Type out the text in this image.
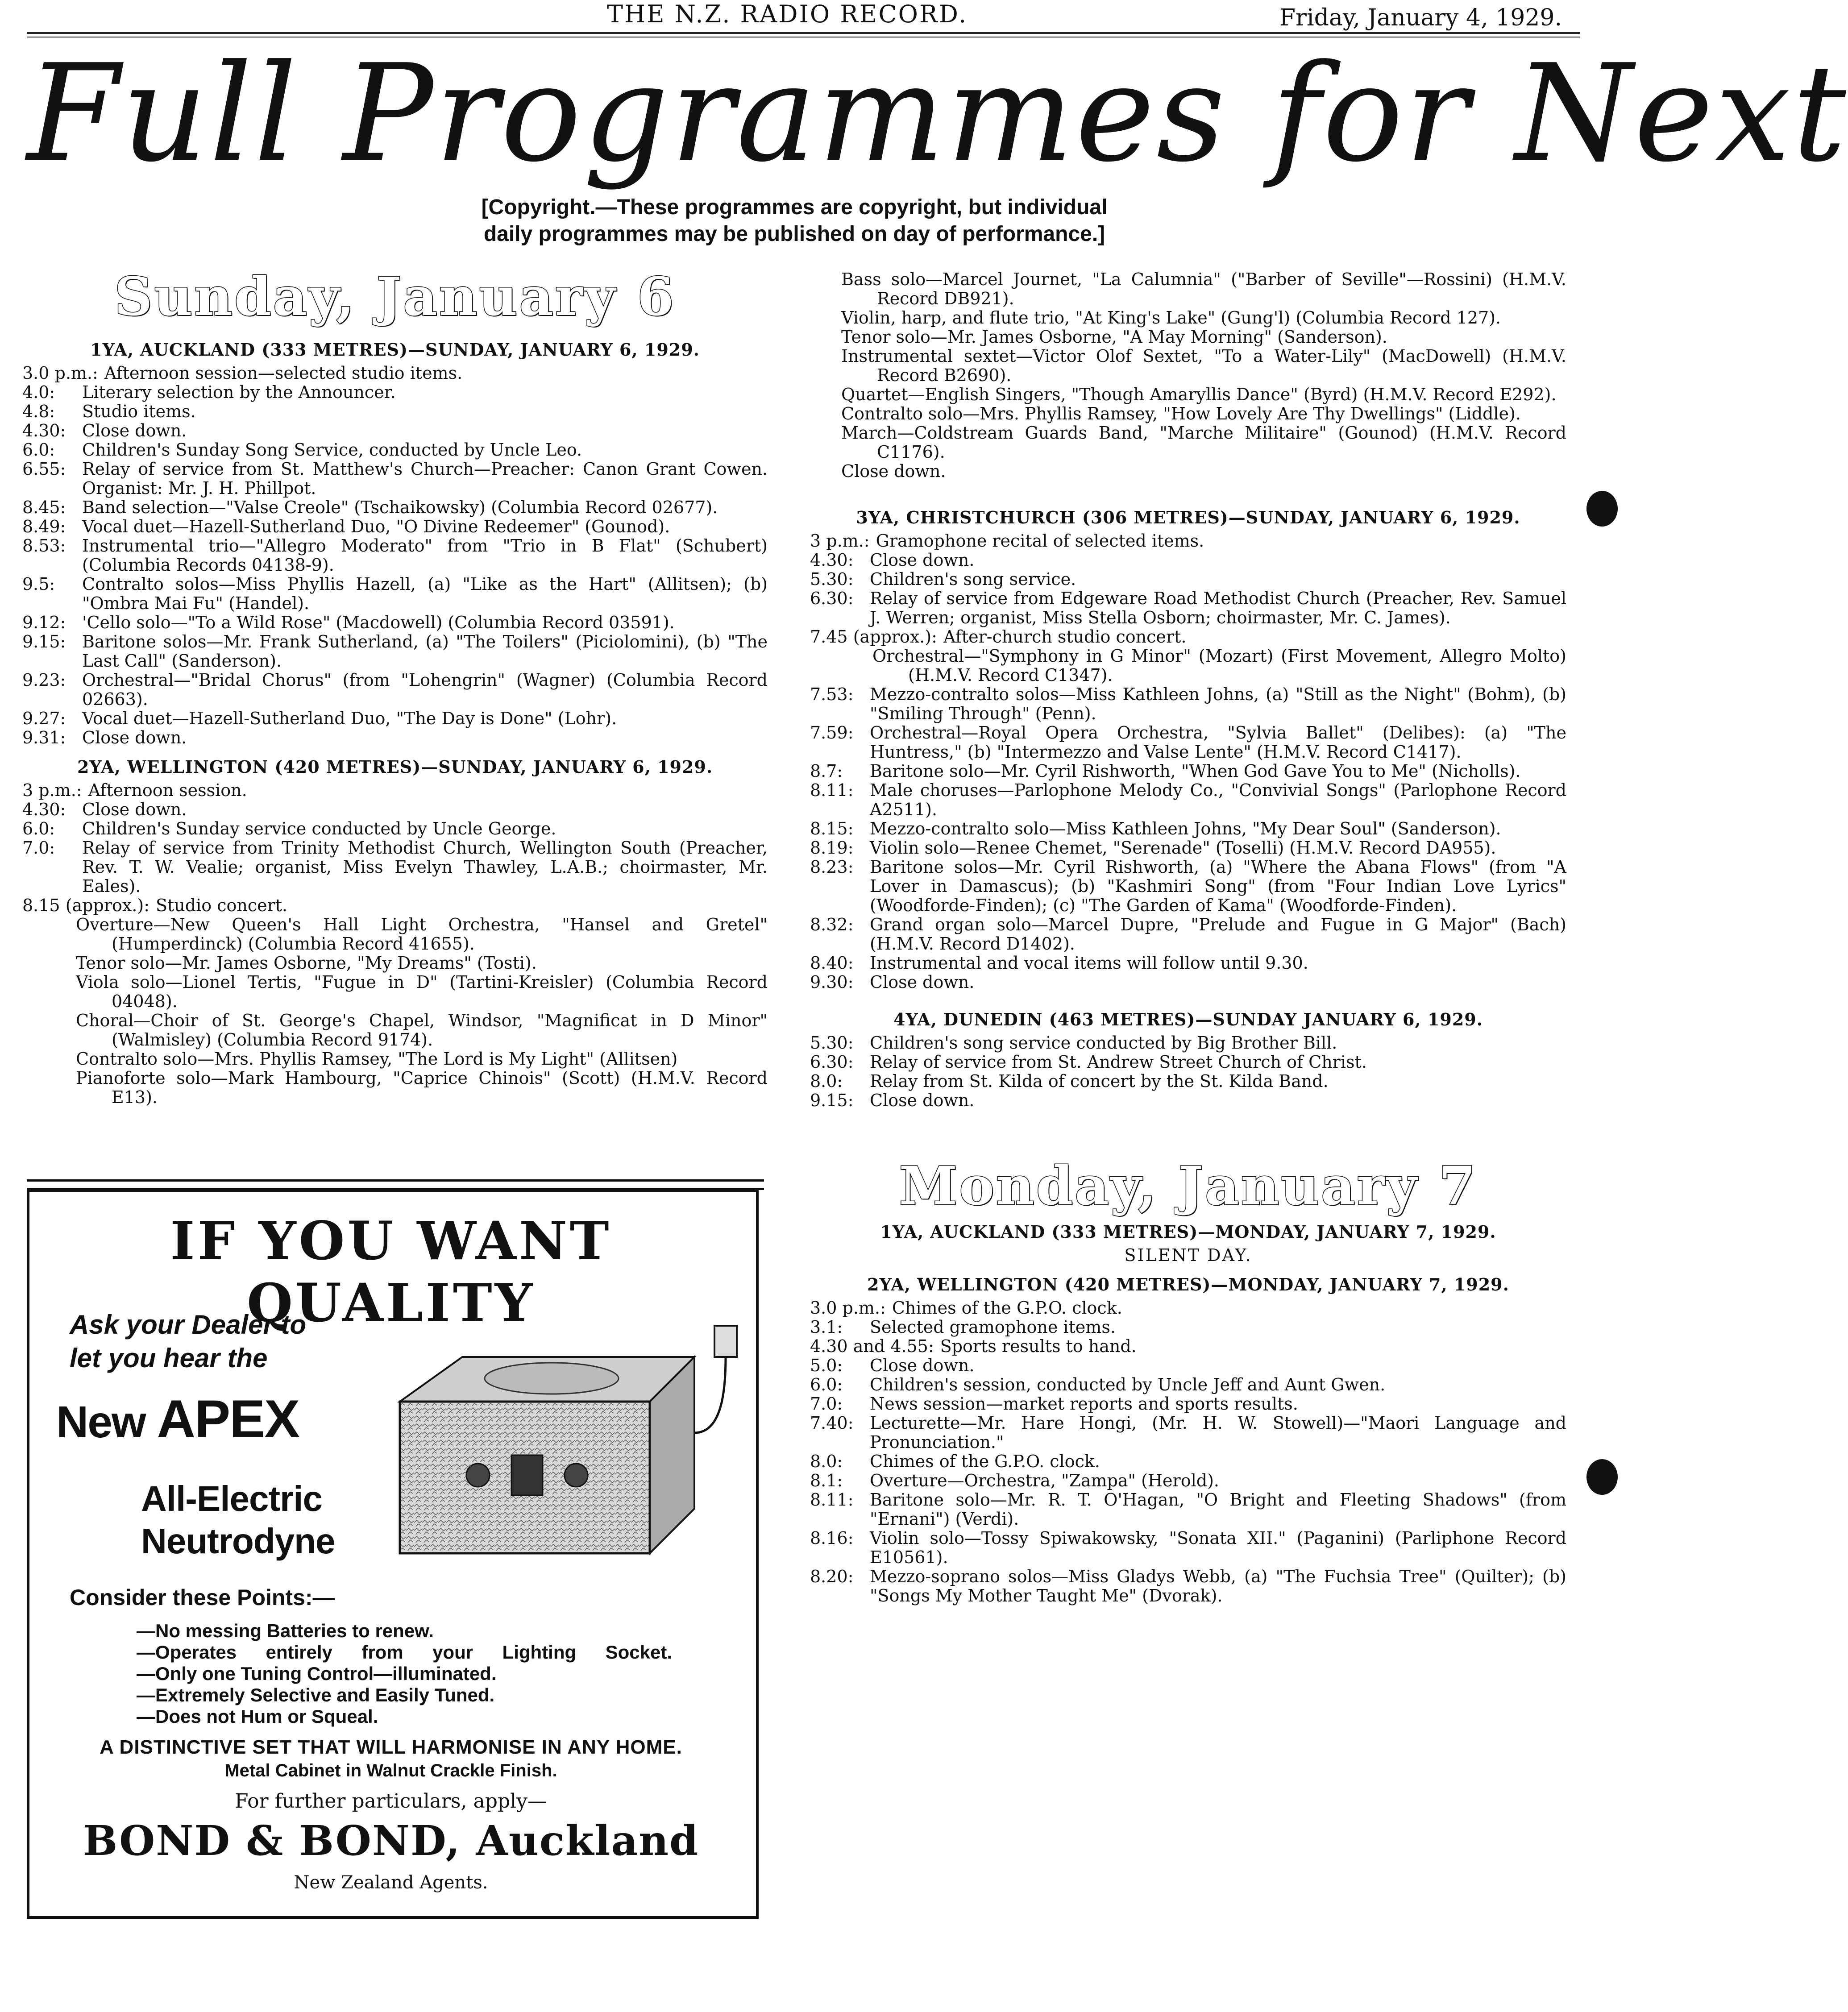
THE N.Z. RADIO RECORD.	Friday, January 4, 1929.
Full Programmes for Next
[Copyright.—These programmes are copyright, but individual
daily programmes may be published on day of performance.]
Sunday, January 6
1YA, AUCKLAND (333 METRES)—SUNDAY, JANUARY 6, 1929.
3.0 p.m.: Afternoon session—selected studio items.
4.0:	Literary selection by the Announcer.
4.8:	Studio items.
4.30: Close down.
6.0:	Children's Sunday Song Service, conducted by Uncle Leo.
6.55: Relay of service from St. Matthew's Church—Preacher: Canon Grant Cowen. Organist: Mr. J. H. Phillpot.
8.45: Band selection—"Valse Creole" (Tschaikowsky) (Columbia Record 02677).
8.49: Vocal duet—Hazell-Sutherland Duo, "O Divine Redeemer" (Gounod).
8.53: Instrumental trio—"Allegro Moderato" from "Trio in B Flat" (Schubert) (Columbia Records 04138-9).
9.5:	Contralto solos—Miss Phyllis Hazell, (a) "Like as the Hart" (Allitsen); (b) "Ombra Mai Fu" (Handel).
9.12: 'Cello solo—"To a Wild Rose" (Macdowell) (Columbia Record 03591).
9.15: Baritone solos—Mr. Frank Sutherland, (a) "The Toilers" (Piciolomini), (b) "The Last Call" (Sanderson).
9.23: Orchestral—"Bridal Chorus" (from "Lohengrin" (Wagner) (Columbia Record 02663).
9.27: Vocal duet—Hazell-Sutherland Duo, "The Day is Done" (Lohr).
9.31: Close down.
2YA, WELLINGTON (420 METRES)—SUNDAY, JANUARY 6, 1929.
3 p.m.: Afternoon session.
4.30: Close down.
6.0:	Children's Sunday service conducted by Uncle George.
7.0:	Relay of service from Trinity Methodist Church, Wellington South (Preacher, Rev. T. W. Vealie; organist, Miss Evelyn Thawley, L.A.B.; choirmaster, Mr. Eales).
8.15 (approx.): Studio concert.
Overture—New Queen's Hall Light Orchestra, "Hansel and Gretel" (Humperdinck) (Columbia Record 41655).
Tenor solo—Mr. James Osborne, "My Dreams" (Tosti).
Viola solo—Lionel Tertis, "Fugue in D" (Tartini-Kreisler) (Columbia Record 04048).
Choral—Choir of St. George's Chapel, Windsor, "Magnificat in D Minor" (Walmisley) (Columbia Record 9174).
Contralto solo—Mrs. Phyllis Ramsey, "The Lord is My Light" (Allitsen)
Pianoforte solo—Mark Hambourg, "Caprice Chinois" (Scott) (H.M.V. Record E13).
Bass solo—Marcel Journet, "La Calumnia" ("Barber of Seville"—Rossini) (H.M.V. Record DB921).
Violin, harp, and flute trio, "At King's Lake" (Gung'l) (Columbia Record 127).
Tenor solo—Mr. James Osborne, "A May Morning" (Sanderson).
Instrumental sextet—Victor Olof Sextet, "To a Water-Lily" (MacDowell) (H.M.V. Record B2690).
Quartet—English Singers, "Though Amaryllis Dance" (Byrd) (H.M.V. Record E292).
Contralto solo—Mrs. Phyllis Ramsey, "How Lovely Are Thy Dwellings" (Liddle).
March—Coldstream Guards Band, "Marche Militaire" (Gounod) (H.M.V. Record C1176).
Close down.
3YA, CHRISTCHURCH (306 METRES)—SUNDAY, JANUARY 6, 1929.
3 p.m.: Gramophone recital of selected items.
4.30: Close down.
5.30: Children's song service.
6.30: Relay of service from Edgeware Road Methodist Church (Preacher, Rev. Samuel J. Werren; organist, Miss Stella Osborn; choirmaster, Mr. C. James).
7.45 (approx.): After-church studio concert.
Orchestral—"Symphony in G Minor" (Mozart) (First Movement, Allegro Molto) (H.M.V. Record C1347).
7.53: Mezzo-contralto solos—Miss Kathleen Johns, (a) "Still as the Night" (Bohm), (b) "Smiling Through" (Penn).
7.59: Orchestral—Royal Opera Orchestra, "Sylvia Ballet" (Delibes): (a) "The Huntress," (b) "Intermezzo and Valse Lente" (H.M.V. Record C1417).
8.7:	Baritone solo—Mr. Cyril Rishworth, "When God Gave You to Me" (Nicholls).
8.11: Male choruses—Parlophone Melody Co., "Convivial Songs" (Parlophone Record A2511).
8.15: Mezzo-contralto solo—Miss Kathleen Johns, "My Dear Soul" (Sanderson).
8.19: Violin solo—Renee Chemet, "Serenade" (Toselli) (H.M.V. Record DA955).
8.23: Baritone solos—Mr. Cyril Rishworth, (a) "Where the Abana Flows" (from "A Lover in Damascus); (b) "Kashmiri Song" (from "Four Indian Love Lyrics" (Woodforde-Finden); (c) "The Garden of Kama" (Woodforde-Finden).
8.32: Grand organ solo—Marcel Dupre, "Prelude and Fugue in G Major" (Bach) (H.M.V. Record D1402).
8.40: Instrumental and vocal items will follow until 9.30.
9.30: Close down.
4YA, DUNEDIN (463 METRES)—SUNDAY JANUARY 6, 1929.
5.30: Children's song service conducted by Big Brother Bill.
6.30: Relay of service from St. Andrew Street Church of Christ.
8.0:	Relay from St. Kilda of concert by the St. Kilda Band.
9.15: Close down.
Monday, January 7
1YA, AUCKLAND (333 METRES)—MONDAY, JANUARY 7, 1929.
SILENT DAY.
2YA, WELLINGTON (420 METRES)—MONDAY, JANUARY 7, 1929.
3.0 p.m.: Chimes of the G.P.O. clock.
3.1:	Selected gramophone items.
4.30 and 4.55: Sports results to hand.
5.0:	Close down.
6.0:	Children's session, conducted by Uncle Jeff and Aunt Gwen.
7.0:	News session—market reports and sports results.
7.40: Lecturette—Mr. Hare Hongi, (Mr. H. W. Stowell)—"Maori Language and Pronunciation."
8.0:	Chimes of the G.P.O. clock.
8.1:	Overture—Orchestra, "Zampa" (Herold).
8.11: Baritone solo—Mr. R. T. O'Hagan, "O Bright and Fleeting Shadows" (from "Ernani") (Verdi).
8.16: Violin solo—Tossy Spiwakowsky, "Sonata XII." (Paganini) (Parliphone Record E10561).
8.20: Mezzo-soprano solos—Miss Gladys Webb, (a) "The Fuchsia Tree" (Quilter); (b) "Songs My Mother Taught Me" (Dvorak).
IF YOU WANT QUALITY
Ask your Dealer to
let you hear the
New APEX
All-Electric
Neutrodyne
Consider these Points:—
—No messing Batteries to renew.
—Operates entirely from your Lighting Socket.
—Only one Tuning Control—illuminated.
—Extremely Selective and Easily Tuned.
—Does not Hum or Squeal.
A DISTINCTIVE SET THAT WILL HARMONISE IN ANY HOME.
Metal Cabinet in Walnut Crackle Finish.
For further particulars, apply—
BOND & BOND, Auckland
New Zealand Agents.
